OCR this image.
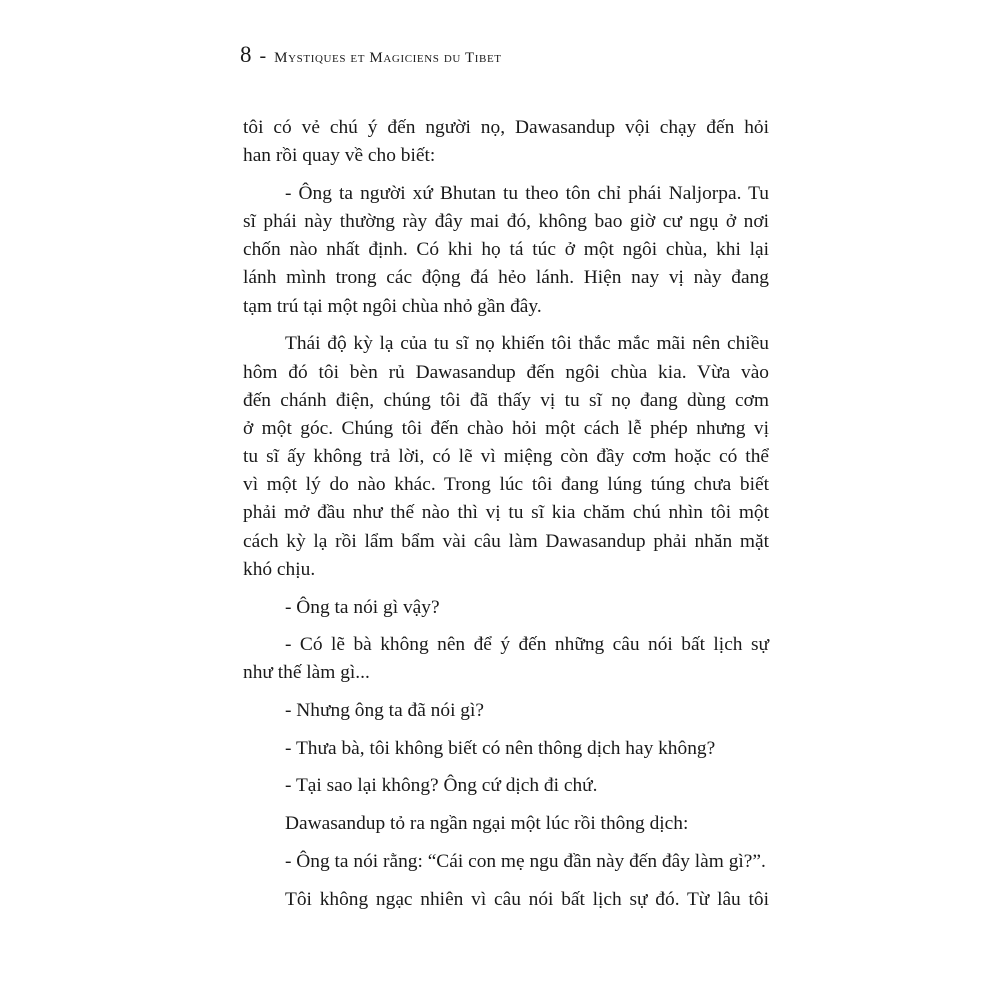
8 - Mystiques et Magiciens du Tibet
tôi có vẻ chú ý đến người nọ, Dawasandup vội chạy đến hỏi
han rồi quay về cho biết:
- Ông ta người xứ Bhutan tu theo tôn chỉ phái Naljorpa. Tu
sĩ phái này thường rày đây mai đó, không bao giờ cư ngụ ở nơi
chốn nào nhất định. Có khi họ tá túc ở một ngôi chùa, khi lại
lánh mình trong các động đá hẻo lánh. Hiện nay vị này đang
tạm trú tại một ngôi chùa nhỏ gần đây.
Thái độ kỳ lạ của tu sĩ nọ khiến tôi thắc mắc mãi nên chiều
hôm đó tôi bèn rủ Dawasandup đến ngôi chùa kia. Vừa vào
đến chánh điện, chúng tôi đã thấy vị tu sĩ nọ đang dùng cơm
ở một góc. Chúng tôi đến chào hỏi một cách lễ phép nhưng vị
tu sĩ ấy không trả lời, có lẽ vì miệng còn đầy cơm hoặc có thể
vì một lý do nào khác. Trong lúc tôi đang lúng túng chưa biết
phải mở đầu như thế nào thì vị tu sĩ kia chăm chú nhìn tôi một
cách kỳ lạ rồi lẩm bẩm vài câu làm Dawasandup phải nhăn mặt
khó chịu.
- Ông ta nói gì vậy?
- Có lẽ bà không nên để ý đến những câu nói bất lịch sự
như thế làm gì...
- Nhưng ông ta đã nói gì?
- Thưa bà, tôi không biết có nên thông dịch hay không?
- Tại sao lại không? Ông cứ dịch đi chứ.
Dawasandup tỏ ra ngần ngại một lúc rồi thông dịch:
- Ông ta nói rằng: “Cái con mẹ ngu đần này đến đây làm gì?”.
Tôi không ngạc nhiên vì câu nói bất lịch sự đó. Từ lâu tôi
